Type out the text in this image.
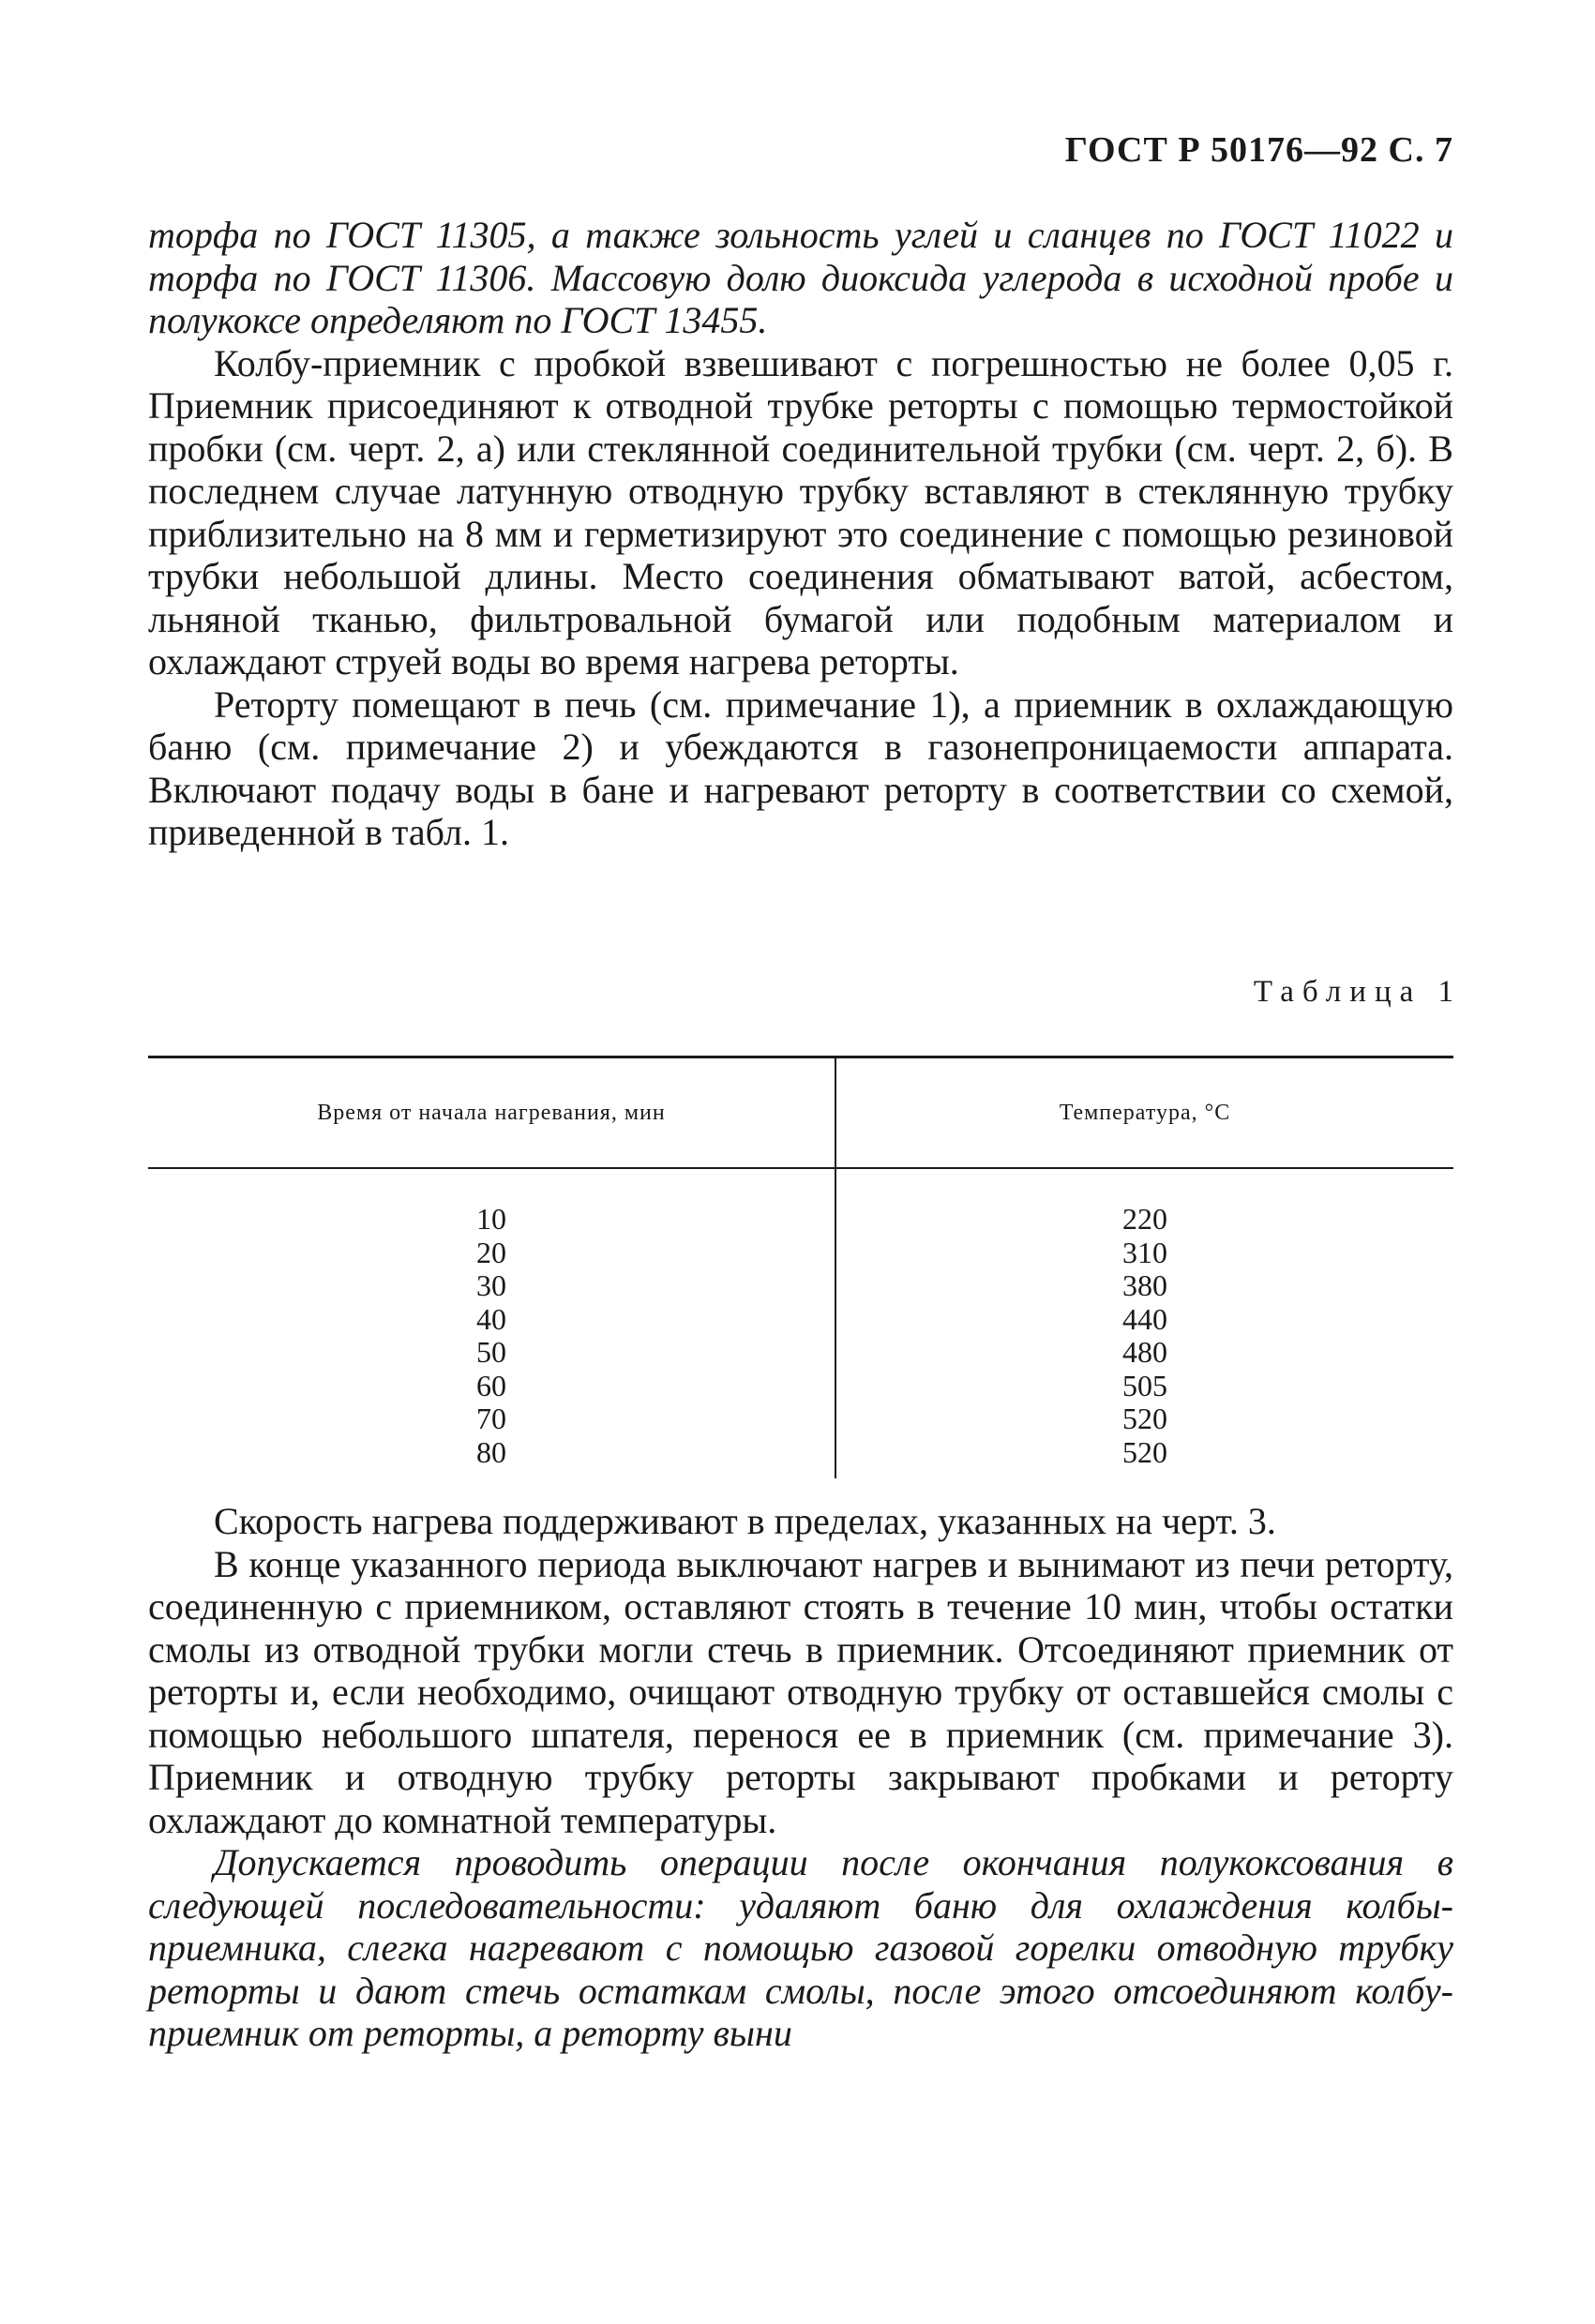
ГОСТ Р 50176—92 С. 7

торфа по ГОСТ 11305, а также зольность углей и сланцев по ГОСТ 11022 и торфа по ГОСТ 11306. Массовую долю диоксида углерода в исходной пробе и полукоксе определяют по ГОСТ 13455.

Колбу-приемник с пробкой взвешивают с погрешностью не более 0,05 г. Приемник присоединяют к отводной трубке реторты с помощью термостойкой пробки (см. черт. 2, а) или стеклянной соединительной трубки (см. черт. 2, б). В последнем случае латунную отводную трубку вставляют в стеклянную трубку приблизительно на 8 мм и герметизируют это соединение с помощью резиновой трубки небольшой длины. Место соединения обматывают ватой, асбестом, льняной тканью, фильтровальной бумагой или подобным материалом и охлаждают струей воды во время нагрева реторты.

Реторту помещают в печь (см. примечание 1), а приемник в охлаждающую баню (см. примечание 2) и убеждаются в газонепроницаемости аппарата. Включают подачу воды в бане и нагревают реторту в соответствии со схемой, приведенной в табл. 1.

Таблица 1
Время от начала нагревания, мин	Температура, °С
10	220
20	310
30	380
40	440
50	480
60	505
70	520
80	520

Скорость нагрева поддерживают в пределах, указанных на черт. 3.

В конце указанного периода выключают нагрев и вынимают из печи реторту, соединенную с приемником, оставляют стоять в течение 10 мин, чтобы остатки смолы из отводной трубки могли стечь в приемник. Отсоединяют приемник от реторты и, если необходимо, очищают отводную трубку от оставшейся смолы с помощью небольшого шпателя, перенося ее в приемник (см. примечание 3). Приемник и отводную трубку реторты закрывают пробками и реторту охлаждают до комнатной температуры.

Допускается проводить операции после окончания полукоксования в следующей последовательности: удаляют баню для охлаждения колбы-приемника, слегка нагревают с помощью газовой горелки отводную трубку реторты и дают стечь остаткам смолы, после этого отсоединяют колбу-приемник от реторты, а реторту выни
